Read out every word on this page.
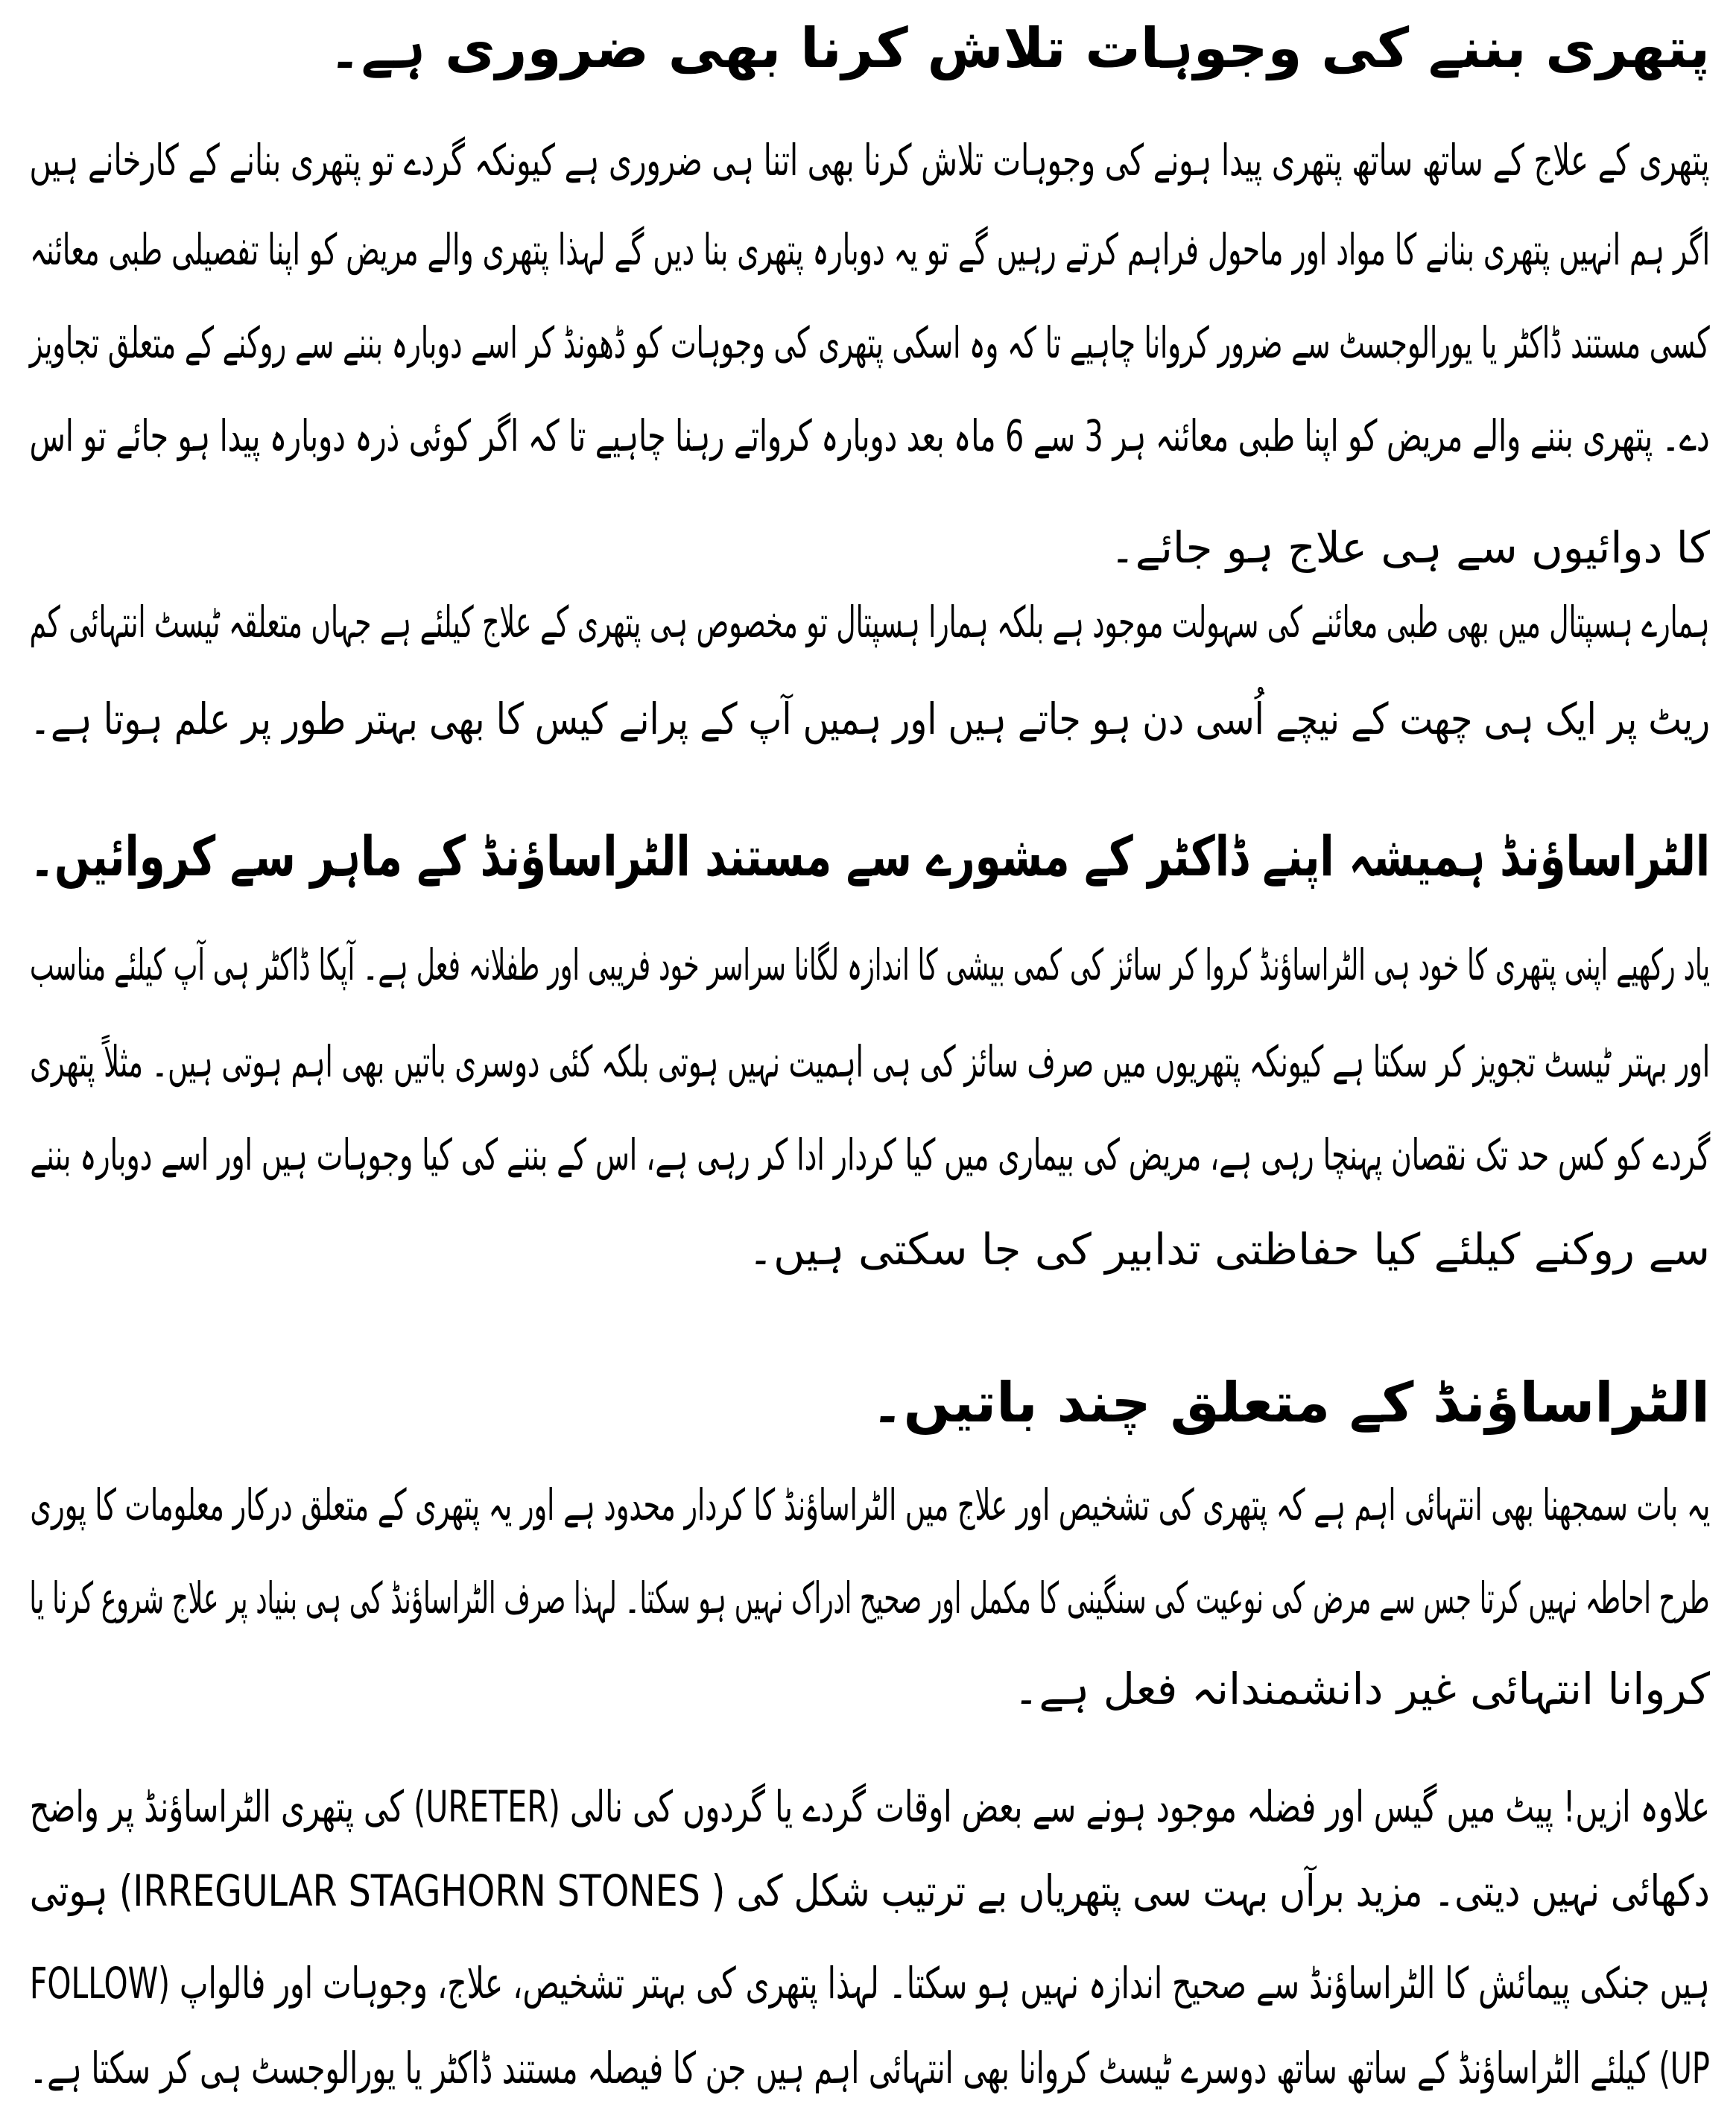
پتھری بننے کی وجوہات تلاش کرنا بھی ضروری ہے۔
پتھری کے علاج کے ساتھ ساتھ پتھری پیدا ہونے کی وجوہات تلاش کرنا بھی اتنا ہی ضروری ہے کیونکہ گردے تو پتھری بنانے کے کارخانے ہیں
اگر ہم انہیں پتھری بنانے کا مواد اور ماحول فراہم کرتے رہیں گے تو یہ دوبارہ پتھری بنا دیں گے لہذا پتھری والے مریض کو اپنا تفصیلی طبی معائنہ
کسی مستند ڈاکٹر یا یورالوجسٹ سے ضرور کروانا چاہیے تا کہ وہ اسکی پتھری کی وجوہات کو ڈھونڈ کر اسے دوبارہ بننے سے روکنے کے متعلق تجاویز
دے۔ پتھری بننے والے مریض کو اپنا طبی معائنہ ہر 3 سے 6 ماہ بعد دوبارہ کرواتے رہنا چاہیے تا کہ اگر کوئی ذرہ دوبارہ پیدا ہو جائے تو اس
کا دوائیوں سے ہی علاج ہو جائے۔
ہمارے ہسپتال میں بھی طبی معائنے کی سہولت موجود ہے بلکہ ہمارا ہسپتال تو مخصوص ہی پتھری کے علاج کیلئے ہے جہاں متعلقہ ٹیسٹ انتہائی کم
ریٹ پر ایک ہی چھت کے نیچے اُسی دن ہو جاتے ہیں اور ہمیں آپ کے پرانے کیس کا بھی بہتر طور پر علم ہوتا ہے۔
الٹراساؤنڈ ہمیشہ اپنے ڈاکٹر کے مشورے سے مستند الٹراساؤنڈ کے ماہر سے کروائیں۔
یاد رکھیے اپنی پتھری کا خود ہی الٹراساؤنڈ کروا کر سائز کی کمی بیشی کا اندازہ لگانا سراسر خود فریبی اور طفلانہ فعل ہے۔ آپکا ڈاکٹر ہی آپ کیلئے مناسب
اور بہتر ٹیسٹ تجویز کر سکتا ہے کیونکہ پتھریوں میں صرف سائز کی ہی اہمیت نہیں ہوتی بلکہ کئی دوسری باتیں بھی اہم ہوتی ہیں۔ مثلاً پتھری
گردے کو کس حد تک نقصان پہنچا رہی ہے، مریض کی بیماری میں کیا کردار ادا کر رہی ہے، اس کے بننے کی کیا وجوہات ہیں اور اسے دوبارہ بننے
سے روکنے کیلئے کیا حفاظتی تدابیر کی جا سکتی ہیں۔
الٹراساؤنڈ کے متعلق چند باتیں۔
یہ بات سمجھنا بھی انتہائی اہم ہے کہ پتھری کی تشخیص اور علاج میں الٹراساؤنڈ کا کردار محدود ہے اور یہ پتھری کے متعلق درکار معلومات کا پوری
طرح احاطہ نہیں کرتا جس سے مرض کی نوعیت کی سنگینی کا مکمل اور صحیح ادراک نہیں ہو سکتا۔ لہذا صرف الٹراساؤنڈ کی ہی بنیاد پر علاج شروع کرنا یا
کروانا انتہائی غیر دانشمندانہ فعل ہے۔
علاوہ ازیں! پیٹ میں گیس اور فضلہ موجود ہونے سے بعض اوقات گردے یا گردوں کی نالی (URETER) کی پتھری الٹراساؤنڈ پر واضح
دکھائی نہیں دیتی۔ مزید برآں بہت سی پتھریاں بے ترتیب شکل کی ( IRREGULAR STAGHORN STONES) ہوتی
ہیں جنکی پیمائش کا الٹراساؤنڈ سے صحیح اندازہ نہیں ہو سکتا۔ لہذا پتھری کی بہتر تشخیص، علاج، وجوہات اور فالواپ (FOLLOW
UP) کیلئے الٹراساؤنڈ کے ساتھ ساتھ دوسرے ٹیسٹ کروانا بھی انتہائی اہم ہیں جن کا فیصلہ مستند ڈاکٹر یا یورالوجسٹ ہی کر سکتا ہے۔
